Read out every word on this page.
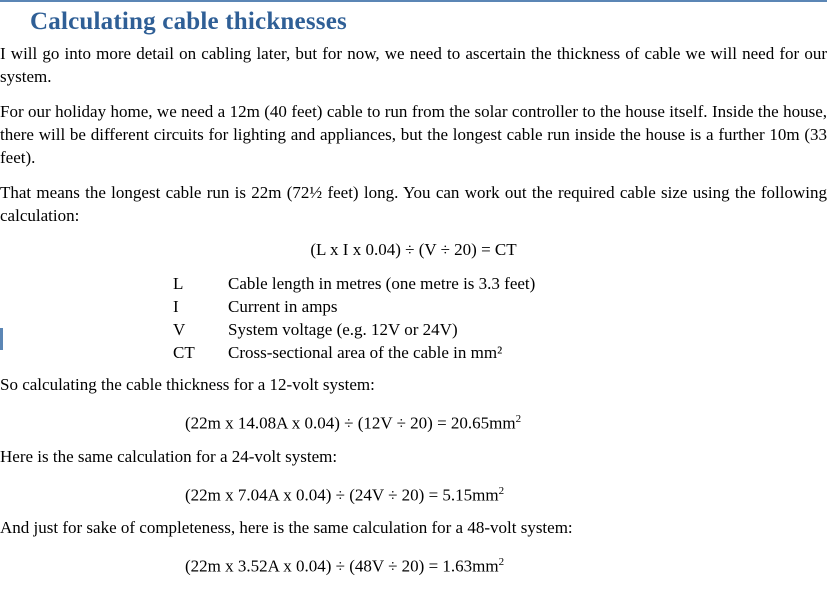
Calculating cable thicknesses

I will go into more detail on cabling later, but for now, we need to ascertain the thickness of cable we will need for our system.

For our holiday home, we need a 12m (40 feet) cable to run from the solar controller to the house itself. Inside the house, there will be different circuits for lighting and appliances, but the longest cable run inside the house is a further 10m (33 feet).

That means the longest cable run is 22m (72½ feet) long. You can work out the required cable size using the following calculation:

(L x I x 0.04) ÷ (V ÷ 20) = CT
L	Cable length in metres (one metre is 3.3 feet)
I	Current in amps
V	System voltage (e.g. 12V or 24V)
CT	Cross-sectional area of the cable in mm²

So calculating the cable thickness for a 12-volt system:

(22m x 14.08A x $0.04) \div (12V \div 20) = 20.65mm^2$

Here is the same calculation for a 24-volt system:

(22m x 7.04A x $0.04) \div (24V \div 20) = 5.15mm^2$

And just for sake of completeness, here is the same calculation for a 48-volt system:

(22m x 3.52A x $0.04) \div (48V \div 20) = 1.63mm^2$
